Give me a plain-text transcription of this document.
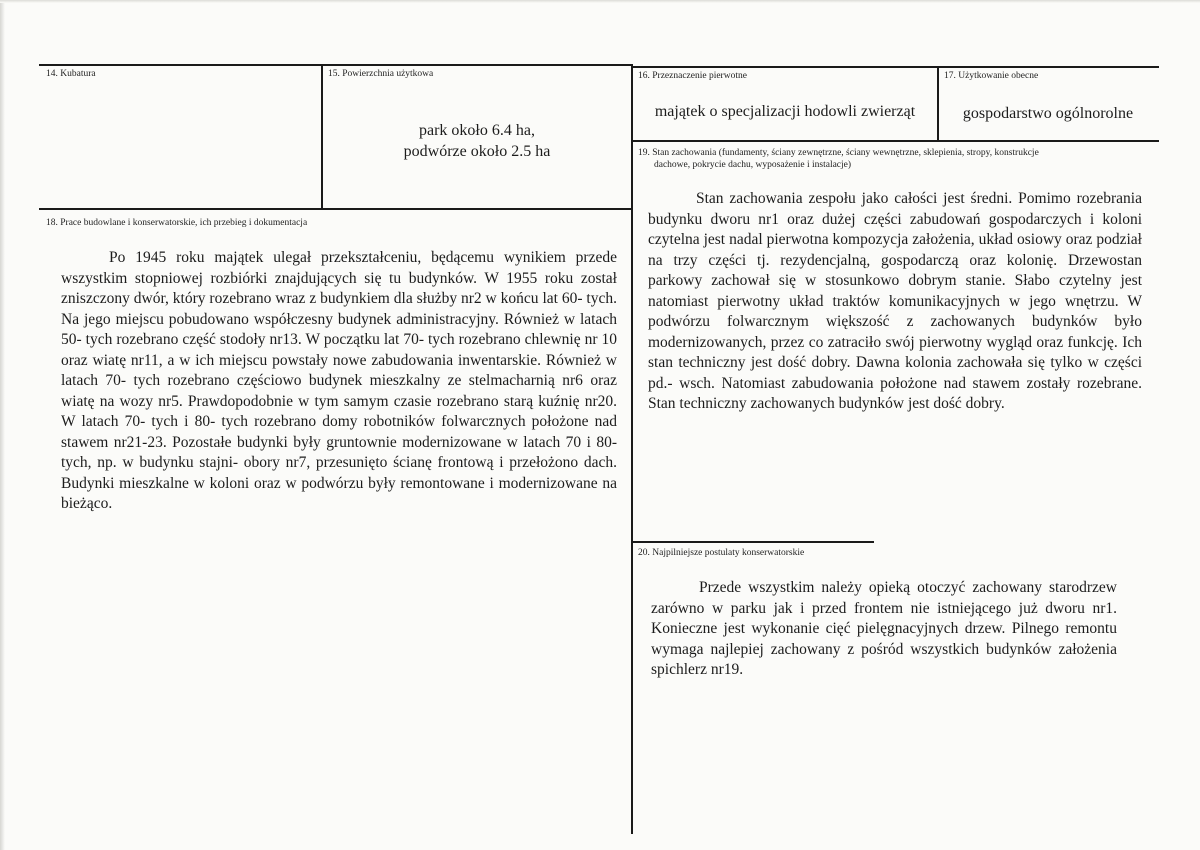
14. Kubatura	15. Powierzchnia użytkowa
park około 6.4 ha,
podwórze około 2.5 ha
16. Przeznaczenie pierwotne
majątek o specjalizacji hodowli zwierząt
17. Użytkowanie obecne
gospodarstwo ogólnorolne
18. Prace budowlane i konserwatorskie, ich przebieg i dokumentacja
Po 1945 roku majątek ulegał przekształceniu, będącemu wynikiem przede wszystkim stopniowej rozbiórki znajdujących się tu budynków. W 1955 roku został zniszczony dwór, który rozebrano wraz z budynkiem dla służby nr2 w końcu lat 60- tych. Na jego miejscu pobudowano współczesny budynek administracyjny. Również w latach 50- tych rozebrano część stodoły nr13. W początku lat 70- tych rozebrano chlewnię nr 10 oraz wiatę nr11, a w ich miejscu powstały nowe zabudowania inwentarskie. Również w latach 70- tych rozebrano częściowo budynek mieszkalny ze stelmacharnią nr6 oraz wiatę na wozy nr5. Prawdopodobnie w tym samym czasie rozebrano starą kuźnię nr20. W latach 70- tych i 80- tych rozebrano domy robotników folwarcznych położone nad stawem nr21-23. Pozostałe budynki były gruntownie modernizowane w latach 70 i 80- tych, np. w budynku stajni- obory nr7, przesunięto ścianę frontową i przełożono dach. Budynki mieszkalne w koloni oraz w podwórzu były remontowane i modernizowane na bieżąco.
19. Stan zachowania (fundamenty, ściany zewnętrzne, ściany wewnętrzne, sklepienia, stropy, konstrukcje
dachowe, pokrycie dachu, wyposażenie i instalacje)
Stan zachowania zespołu jako całości jest średni. Pomimo rozebrania budynku dworu nr1 oraz dużej części zabudowań gospodarczych i koloni czytelna jest nadal pierwotna kompozycja założenia, układ osiowy oraz podział na trzy części tj. rezydencjalną, gospodarczą oraz kolonię. Drzewostan parkowy zachował się w stosunkowo dobrym stanie. Słabo czytelny jest natomiast pierwotny układ traktów komunikacyjnych w jego wnętrzu. W podwórzu folwarcznym większość z zachowanych budynków było modernizowanych, przez co zatraciło swój pierwotny wygląd oraz funkcję. Ich stan techniczny jest dość dobry. Dawna kolonia zachowała się tylko w części pd.- wsch. Natomiast zabudowania położone nad stawem zostały rozebrane. Stan techniczny zachowanych budynków jest dość dobry.
20. Najpilniejsze postulaty konserwatorskie
Przede wszystkim należy opieką otoczyć zachowany starodrzew zarówno w parku jak i przed frontem nie istniejącego już dworu nr1. Konieczne jest wykonanie cięć pielęgnacyjnych drzew. Pilnego remontu wymaga najlepiej zachowany z pośród wszystkich budynków założenia spichlerz nr19.
